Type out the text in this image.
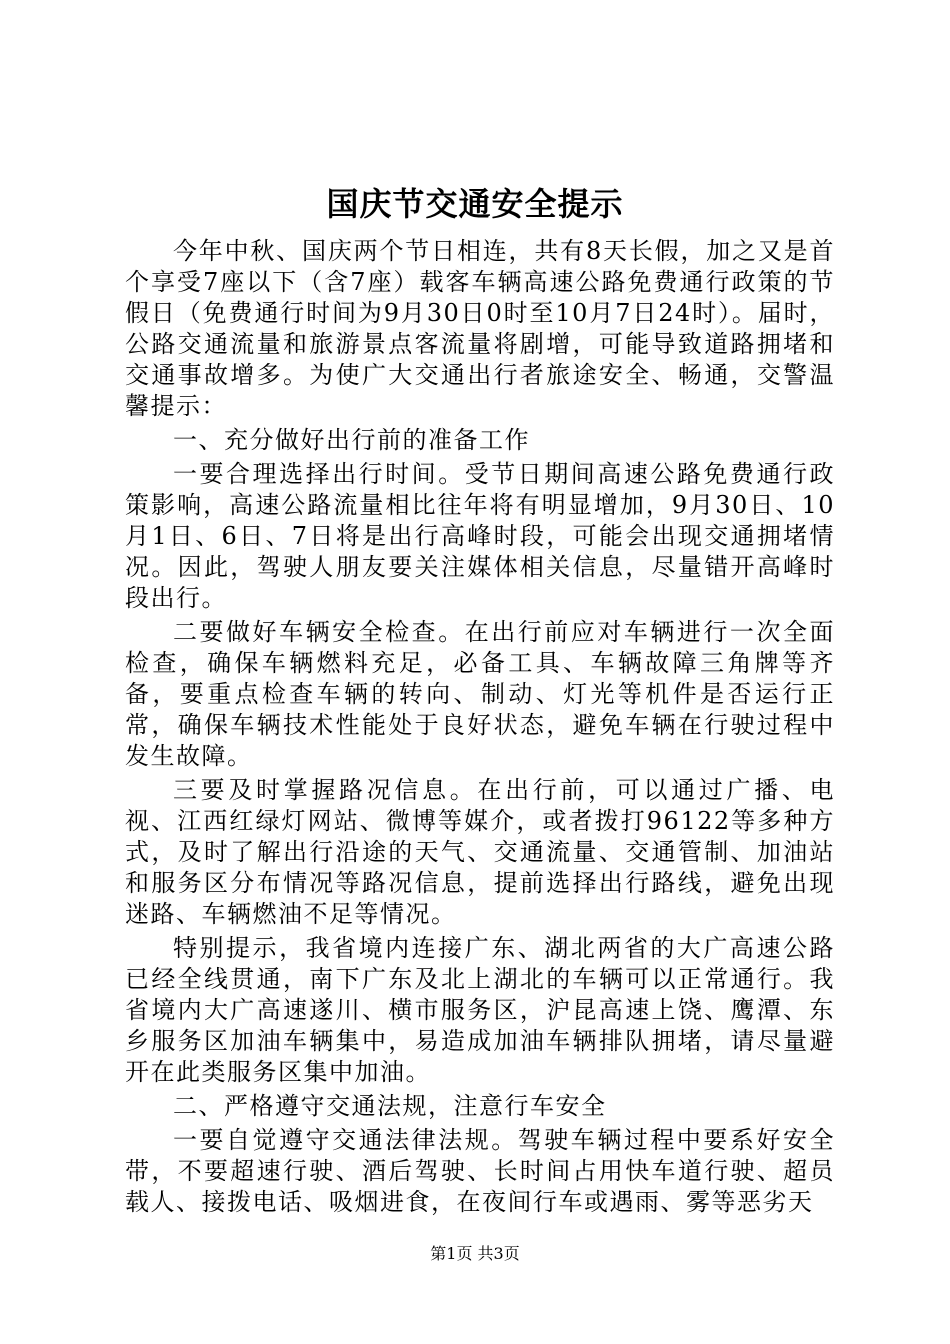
国庆节交通安全提示

今年中秋、国庆两个节日相连，共有8天长假，加之又是首个享受7座以下（含7座）载客车辆高速公路免费通行政策的节假日（免费通行时间为9月30日0时至10月7日24时）。届时，公路交通流量和旅游景点客流量将剧增，可能导致道路拥堵和交通事故增多。为使广大交通出行者旅途安全、畅通，交警温馨提示：

一、充分做好出行前的准备工作

一要合理选择出行时间。受节日期间高速公路免费通行政策影响，高速公路流量相比往年将有明显增加，9月30日、10月1日、6日、7日将是出行高峰时段，可能会出现交通拥堵情况。因此，驾驶人朋友要关注媒体相关信息，尽量错开高峰时段出行。

二要做好车辆安全检查。在出行前应对车辆进行一次全面检查，确保车辆燃料充足，必备工具、车辆故障三角牌等齐备，要重点检查车辆的转向、制动、灯光等机件是否运行正常，确保车辆技术性能处于良好状态，避免车辆在行驶过程中发生故障。

三要及时掌握路况信息。在出行前，可以通过广播、电视、江西红绿灯网站、微博等媒介，或者拨打96122等多种方式，及时了解出行沿途的天气、交通流量、交通管制、加油站和服务区分布情况等路况信息，提前选择出行路线，避免出现迷路、车辆燃油不足等情况。

特别提示，我省境内连接广东、湖北两省的大广高速公路已经全线贯通，南下广东及北上湖北的车辆可以正常通行。我省境内大广高速遂川、横市服务区，沪昆高速上饶、鹰潭、东乡服务区加油车辆集中，易造成加油车辆排队拥堵，请尽量避开在此类服务区集中加油。

二、严格遵守交通法规，注意行车安全

一要自觉遵守交通法律法规。驾驶车辆过程中要系好安全带，不要超速行驶、酒后驾驶、长时间占用快车道行驶、超员载人、接拨电话、吸烟进食，在夜间行车或遇雨、雾等恶劣天

第1页 共3页
